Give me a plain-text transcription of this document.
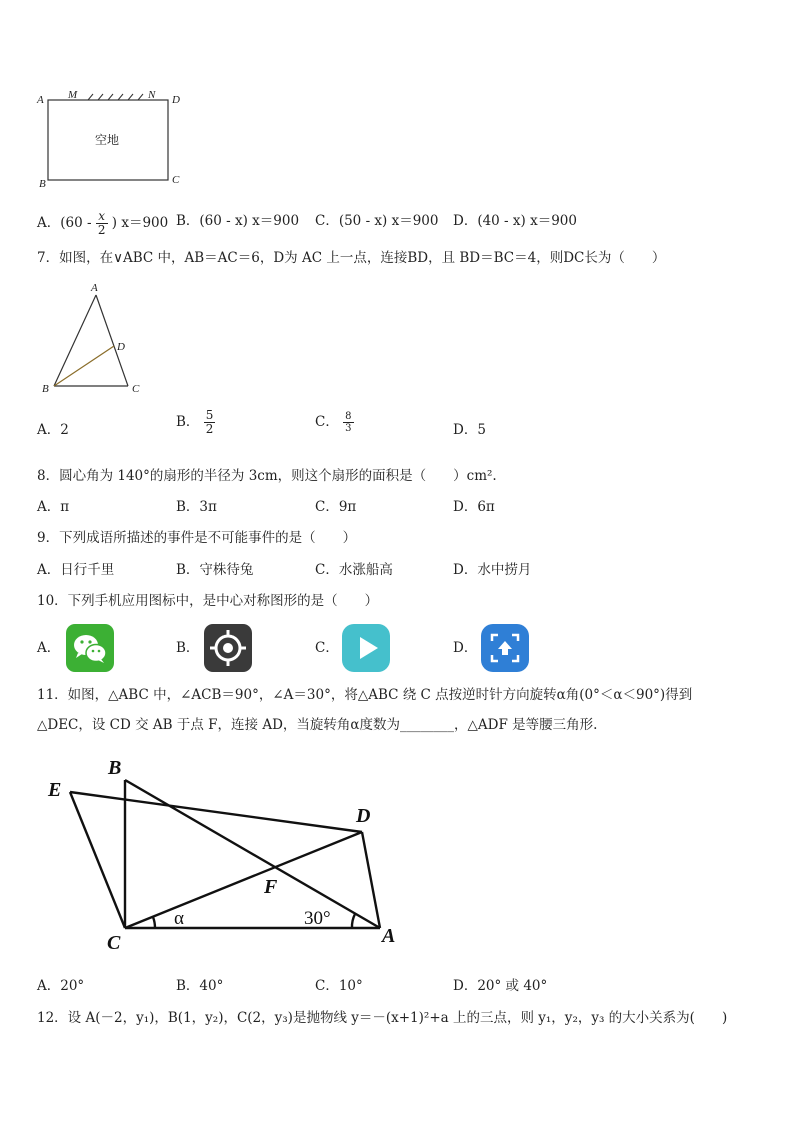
A M	N D
B	C
空地
A．($60 - \frac{x}{2}$ ) x＝900 B．(60 - x) x＝900 C．(50 - x) x＝900 D．(40 - x) x＝900
7．如图，在∨ABC 中，AB＝AC＝6，D为 AC 上一点，连接BD，且 BD＝BC＝4，则DC长为（　　）
A
B	C
D
A．2	B． $\frac{5}{2}$	C． $\frac{8}{3}$	D．5
8．圆心角为 140°的扇形的半径为 3cm，则这个扇形的面积是（　　）cm².
A．π	B．3π	C．9π	D．6π
9．下列成语所描述的事件是不可能事件的是（　　）
A．日行千里	B．守株待兔	C．水涨船高	D．水中捞月
10．下列手机应用图标中，是中心对称图形的是（　　）
A．	B．	C．	D．
11．如图，△ABC 中，∠ACB＝90°，∠A＝30°，将△ABC 绕 C 点按逆时针方向旋转α角(0°＜α＜90°)得到
△DEC，设 CD 交 AB 于点 F，连接 AD，当旋转角α度数为________，△ADF 是等腰三角形.
B
E
D
F
C	A
α	30°
A．20°	B．40°	C．10°	D．20° 或 40°
12．设 A(－2，y₁)，B(1，y₂)，C(2，y₃)是抛物线 y＝－(x+1)²+a 上的三点，则 y₁，y₂，y₃ 的大小关系为(　　)
